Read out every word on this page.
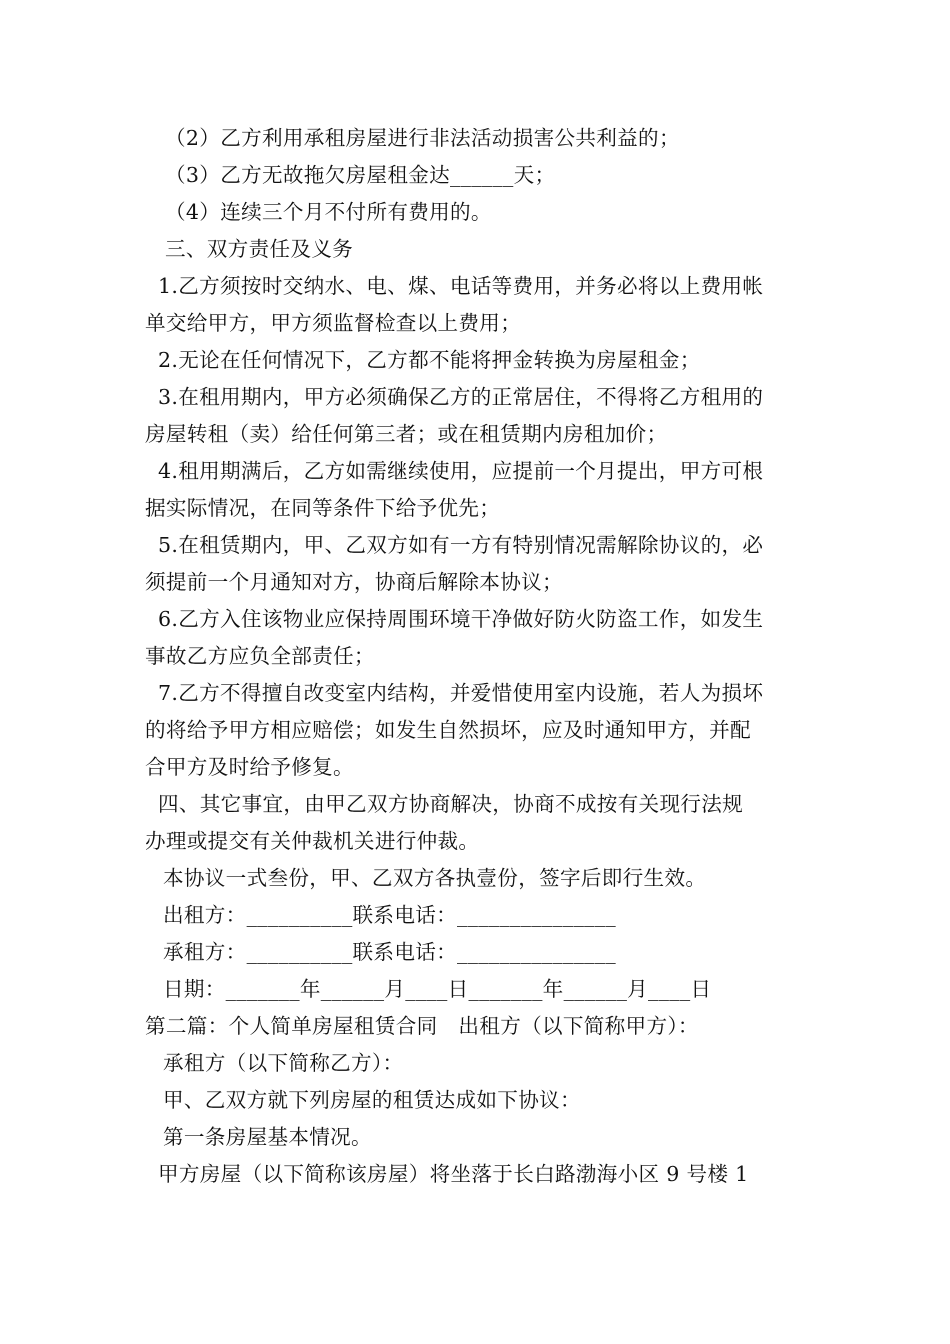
（2）乙方利用承租房屋进行非法活动损害公共利益的；
（3）乙方无故拖欠房屋租金达______天；
（4）连续三个月不付所有费用的。
三、双方责任及义务
1.乙方须按时交纳水、电、煤、电话等费用，并务必将以上费用帐
单交给甲方，甲方须监督检查以上费用；
2.无论在任何情况下，乙方都不能将押金转换为房屋租金；
3.在租用期内，甲方必须确保乙方的正常居住，不得将乙方租用的
房屋转租（卖）给任何第三者；或在租赁期内房租加价；
4.租用期满后，乙方如需继续使用，应提前一个月提出，甲方可根
据实际情况，在同等条件下给予优先；
5.在租赁期内，甲、乙双方如有一方有特别情况需解除协议的，必
须提前一个月通知对方，协商后解除本协议；
6.乙方入住该物业应保持周围环境干净做好防火防盗工作，如发生
事故乙方应负全部责任；
7.乙方不得擅自改变室内结构，并爱惜使用室内设施，若人为损坏
的将给予甲方相应赔偿；如发生自然损坏，应及时通知甲方，并配
合甲方及时给予修复。
四、其它事宜，由甲乙双方协商解决，协商不成按有关现行法规
办理或提交有关仲裁机关进行仲裁。
本协议一式叁份，甲、乙双方各执壹份，签字后即行生效。
出租方：__________联系电话：_______________
承租方：__________联系电话：_______________
日期：_______年______月____日_______年______月____日
第二篇：个人简单房屋租赁合同　出租方（以下简称甲方）：
承租方（以下简称乙方）：
甲、乙双方就下列房屋的租赁达成如下协议：
第一条房屋基本情况。
甲方房屋（以下简称该房屋）将坐落于长白路渤海小区 9 号楼 1
